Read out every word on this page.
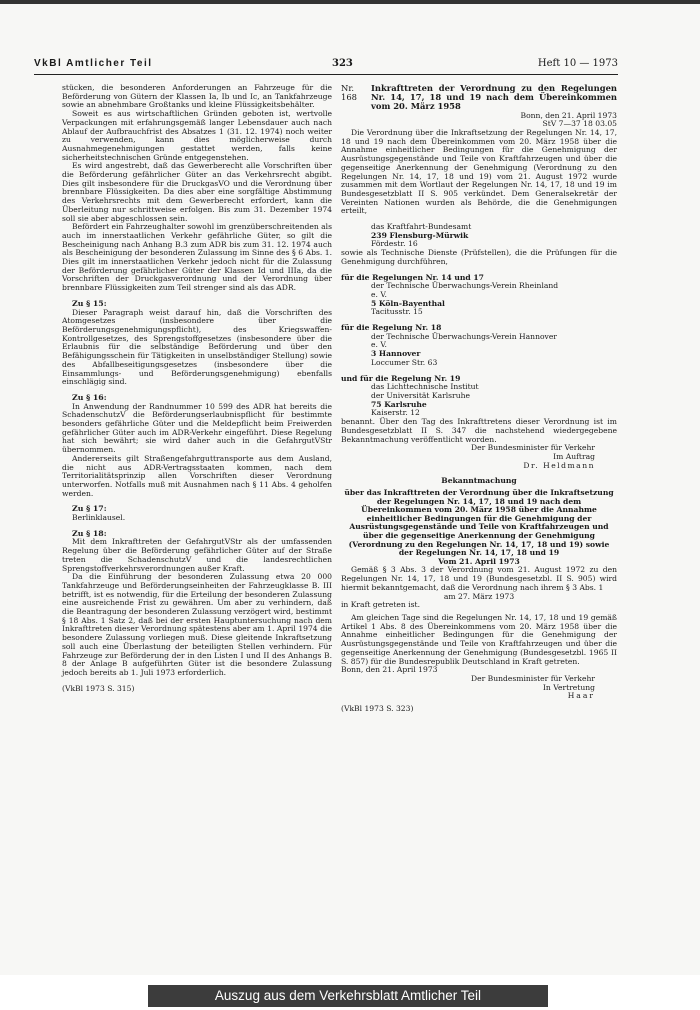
VkBl Amtlicher Teil	323	Heft 10 — 1973

stücken, die besonderen Anforderungen an Fahrzeuge für die Beförderung von Gütern der Klassen Ia, Ib und Ic, an Tankfahrzeuge sowie an abnehmbare Großtanks und kleine Flüssigkeitsbehälter.

Soweit es aus wirtschaftlichen Gründen geboten ist, wertvolle Verpackungen mit erfahrungsgemäß langer Lebensdauer auch nach Ablauf der Aufbrauchfrist des Absatzes 1 (31. 12. 1974) noch weiter zu verwenden, kann dies möglicherweise durch Ausnahmegenehmigungen gestattet werden, falls keine sicherheitstechnischen Gründe entgegenstehen.

Es wird angestrebt, daß das Gewerberecht alle Vorschriften über die Beförderung gefährlicher Güter an das Verkehrsrecht abgibt. Dies gilt insbesondere für die DruckgasVO und die Verordnung über brennbare Flüssigkeiten. Da dies aber eine sorgfältige Abstimmung des Verkehrsrechts mit dem Gewerberecht erfordert, kann die Überleitung nur schrittweise erfolgen. Bis zum 31. Dezember 1974 soll sie aber abgeschlossen sein.

Befördert ein Fahrzeughalter sowohl im grenzüberschreitenden als auch im innerstaatlichen Verkehr gefährliche Güter, so gilt die Bescheinigung nach Anhang B.3 zum ADR bis zum 31. 12. 1974 auch als Bescheinigung der besonderen Zulassung im Sinne des § 6 Abs. 1. Dies gilt im innerstaatlichen Verkehr jedoch nicht für die Zulassung der Beförderung gefährlicher Güter der Klassen Id und IIIa, da die Vorschriften der Druckgasverordnung und der Verordnung über brennbare Flüssigkeiten zum Teil strenger sind als das ADR.

Zu § 15:

Dieser Paragraph weist darauf hin, daß die Vorschriften des Atomgesetzes (insbesondere über die Beförderungsgenehmigungspflicht), des Kriegswaffen-Kontrollgesetzes, des Sprengstoffgesetzes (insbesondere über die Erlaubnis für die selbständige Beförderung und über den Befähigungsschein für Tätigkeiten in unselbständiger Stellung) sowie des Abfallbeseitigungsgesetzes (insbesondere über die Einsammlungs- und Beförderungsgenehmigung) ebenfalls einschlägig sind.

Zu § 16:

In Anwendung der Randnummer 10 599 des ADR hat bereits die SchadenschutzV die Beförderungserlaubnispflicht für bestimmte besonders gefährliche Güter und die Meldepflicht beim Freiwerden gefährlicher Güter auch im ADR-Verkehr eingeführt. Diese Regelung hat sich bewährt; sie wird daher auch in die GefahrgutVStr übernommen.

Andererseits gilt Straßengefahrguttransporte aus dem Ausland, die nicht aus ADR-Vertragsstaaten kommen, nach dem Territorialitätsprinzip allen Vorschriften dieser Verordnung unterworfen. Notfalls muß mit Ausnahmen nach § 11 Abs. 4 geholfen werden.

Zu § 17:

Berlinklausel.

Zu § 18:

Mit dem Inkrafttreten der GefahrgutVStr als der umfassenden Regelung über die Beförderung gefährlicher Güter auf der Straße treten die SchadenschutzV und die landesrechtlichen Sprengstoffverkehrsverordnungen außer Kraft.

Da die Einführung der besonderen Zulassung etwa 20 000 Tankfahrzeuge und Beförderungseinheiten der Fahrzeugklasse B. III betrifft, ist es notwendig, für die Erteilung der besonderen Zulassung eine ausreichende Frist zu gewähren. Um aber zu verhindern, daß die Beantragung der besonderen Zulassung verzögert wird, bestimmt § 18 Abs. 1 Satz 2, daß bei der ersten Hauptuntersuchung nach dem Inkrafttreten dieser Verordnung spätestens aber am 1. April 1974 die besondere Zulassung vorliegen muß. Diese gleitende Inkraftsetzung soll auch eine Überlastung der beteiligten Stellen verhindern. Für Fahrzeuge zur Beförderung der in den Listen I und II des Anhangs B. 8 der Anlage B aufgeführten Güter ist die besondere Zulassung jedoch bereits ab 1. Juli 1973 erforderlich.

(VkBl 1973 S. 315)

Nr. 168
Inkrafttreten der Verordnung zu den Regelungen Nr. 14, 17, 18 und 19 nach dem Übereinkommen vom 20. März 1958

Bonn, den 21. April 1973

StV 7—37 18 03.05

Die Verordnung über die Inkraftsetzung der Regelungen Nr. 14, 17, 18 und 19 nach dem Übereinkommen vom 20. März 1958 über die Annahme einheitlicher Bedingungen für die Genehmigung der Ausrüstungsgegenstände und Teile von Kraftfahrzeugen und über die gegenseitige Anerkennung der Genehmigung (Verordnung zu den Regelungen Nr. 14, 17, 18 und 19) vom 21. August 1972 wurde zusammen mit dem Wortlaut der Regelungen Nr. 14, 17, 18 und 19 im Bundesgesetzblatt II S. 905 verkündet. Dem Generalsekretär der Vereinten Nationen wurden als Behörde, die die Genehmigungen erteilt,

das Kraftfahrt-Bundesamt

239 Flensburg-Mürwik

Fördestr. 16

sowie als Technische Dienste (Prüfstellen), die die Prüfungen für die Genehmigung durchführen,

für die Regelungen Nr. 14 und 17

der Technische Überwachungs-Verein Rheinland

e. V.

5 Köln-Bayenthal

Tacitusstr. 15

für die Regelung Nr. 18

der Technische Überwachungs-Verein Hannover

e. V.

3 Hannover

Loccumer Str. 63

und für die Regelung Nr. 19

das Lichttechnische Institut

der Universität Karlsruhe

75 Karlsruhe

Kaiserstr. 12

benannt. Über den Tag des Inkrafttretens dieser Verordnung ist im Bundesgesetzblatt II S. 347 die nachstehend wiedergegebene Bekanntmachung veröffentlicht worden.

Der Bundesminister für Verkehr

Im Auftrag

Dr. Heldmann

Bekanntmachung

über das Inkrafttreten der Verordnung über die Inkraftsetzung der Regelungen Nr. 14, 17, 18 und 19 nach dem Übereinkommen vom 20. März 1958 über die Annahme einheitlicher Bedingungen für die Genehmigung der Ausrüstungsgegenstände und Teile von Kraftfahrzeugen und über die gegenseitige Anerkennung der Genehmigung (Verordnung zu den Regelungen Nr. 14, 17, 18 und 19) sowie der Regelungen Nr. 14, 17, 18 und 19

Vom 21. April 1973

Gemäß § 3 Abs. 3 der Verordnung vom 21. August 1972 zu den Regelungen Nr. 14, 17, 18 und 19 (Bundesgesetzbl. II S. 905) wird hiermit bekanntgemacht, daß die Verordnung nach ihrem § 3 Abs. 1

am 27. März 1973

in Kraft getreten ist.

Am gleichen Tage sind die Regelungen Nr. 14, 17, 18 und 19 gemäß Artikel 1 Abs. 8 des Übereinkommens vom 20. März 1958 über die Annahme einheitlicher Bedingungen für die Genehmigung der Ausrüstungsgegenstände und Teile von Kraftfahrzeugen und über die gegenseitige Anerkennung der Genehmigung (Bundesgesetzbl. 1965 II S. 857) für die Bundesrepublik Deutschland in Kraft getreten.

Bonn, den 21. April 1973

Der Bundesminister für Verkehr

In Vertretung

Haar

(VkBl 1973 S. 323)

Auszug aus dem Verkehrsblatt Amtlicher Teil
